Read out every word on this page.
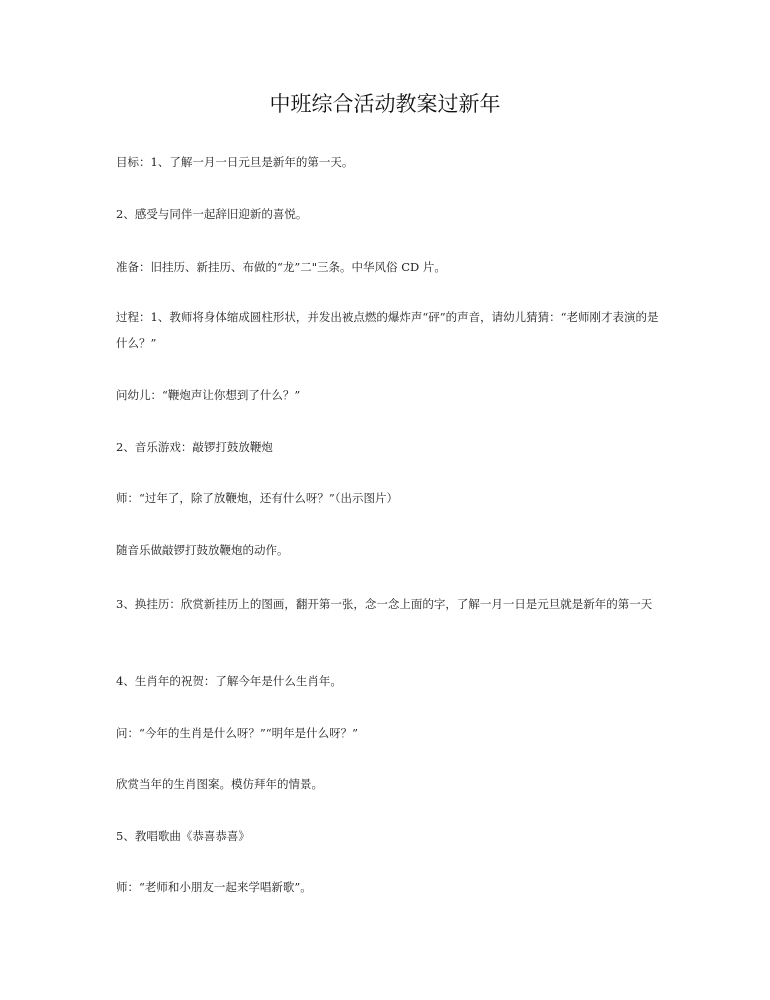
中班综合活动教案过新年

目标：1、了解一月一日元旦是新年的第一天。

2、感受与同伴一起辞旧迎新的喜悦。

准备：旧挂历、新挂历、布做的“龙”二"三条。中华风俗 CD 片。

过程：1、教师将身体缩成圆柱形状，并发出被点燃的爆炸声“砰”的声音，请幼儿猜猜：“老师刚才表演的是什么？”

问幼儿：“鞭炮声让你想到了什么？”

2、音乐游戏：敲锣打鼓放鞭炮

师：“过年了，除了放鞭炮，还有什么呀？”（出示图片）

随音乐做敲锣打鼓放鞭炮的动作。

3、换挂历：欣赏新挂历上的图画，翻开第一张，念一念上面的字，了解一月一日是元旦就是新年的第一天

4、生肖年的祝贺：了解今年是什么生肖年。

问：“今年的生肖是什么呀？”“明年是什么呀？”

欣赏当年的生肖图案。模仿拜年的情景。

5、教唱歌曲《恭喜恭喜》

师：“老师和小朋友一起来学唱新歌”。
